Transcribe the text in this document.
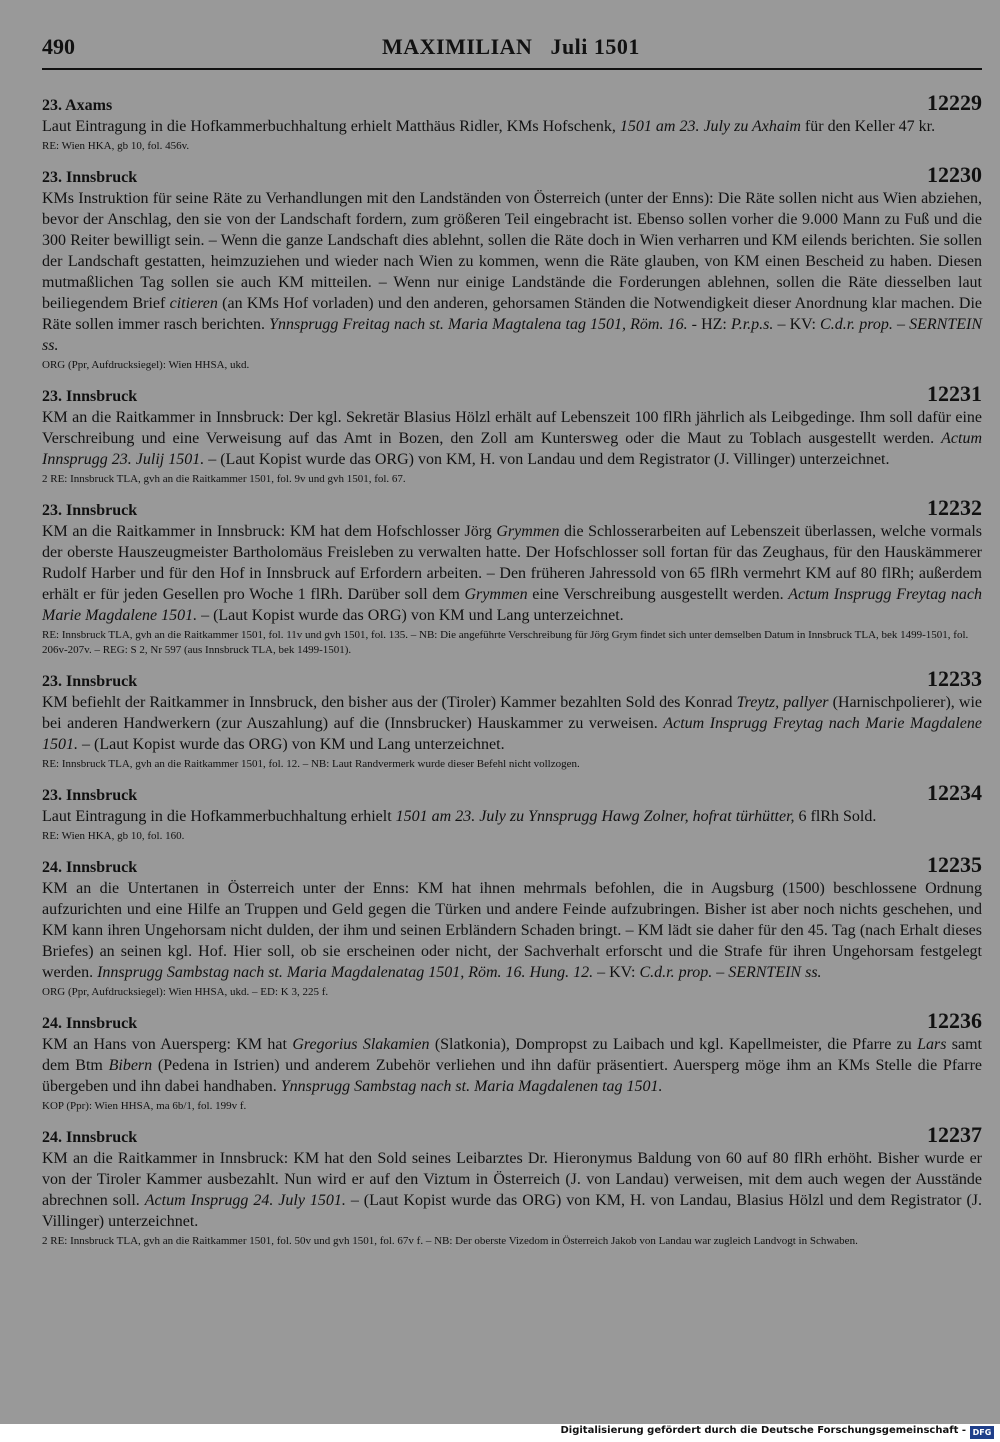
490	MAXIMILIAN   Juli 1501
23. Axams	12229

Laut Eintragung in die Hofkammerbuchhaltung erhielt Matthäus Ridler, KMs Hofschenk, 1501 am 23. July zu Axhaim für den Keller 47 kr.

RE: Wien HKA, gb 10, fol. 456v.
23. Innsbruck	12230

KMs Instruktion für seine Räte zu Verhandlungen mit den Landständen von Österreich (unter der Enns): Die Räte sollen nicht aus Wien abziehen, bevor der Anschlag, den sie von der Landschaft fordern, zum größeren Teil eingebracht ist. Ebenso sollen vorher die 9.000 Mann zu Fuß und die 300 Reiter bewilligt sein. – Wenn die ganze Landschaft dies ablehnt, sollen die Räte doch in Wien verharren und KM eilends berichten. Sie sollen der Landschaft gestatten, heimzuziehen und wieder nach Wien zu kommen, wenn die Räte glauben, von KM einen Bescheid zu haben. Diesen mutmaßlichen Tag sollen sie auch KM mitteilen. – Wenn nur einige Landstände die Forderungen ablehnen, sollen die Räte diesselben laut beiliegendem Brief citieren (an KMs Hof vorladen) und den anderen, gehorsamen Ständen die Notwendigkeit dieser Anordnung klar machen. Die Räte sollen immer rasch berichten. Ynnsprugg Freitag nach st. Maria Magtalena tag 1501, Röm. 16. - HZ: P.r.p.s. – KV: C.d.r. prop. – SERNTEIN ss.

ORG (Ppr, Aufdrucksiegel): Wien HHSA, ukd.
23. Innsbruck	12231

KM an die Raitkammer in Innsbruck: Der kgl. Sekretär Blasius Hölzl erhält auf Lebenszeit 100 flRh jährlich als Leibgedinge. Ihm soll dafür eine Verschreibung und eine Verweisung auf das Amt in Bozen, den Zoll am Kuntersweg oder die Maut zu Toblach ausgestellt werden. Actum Innsprugg 23. Julij 1501. – (Laut Kopist wurde das ORG) von KM, H. von Landau und dem Registrator (J. Villinger) unterzeichnet.

2 RE: Innsbruck TLA, gvh an die Raitkammer 1501, fol. 9v und gvh 1501, fol. 67.
23. Innsbruck	12232

KM an die Raitkammer in Innsbruck: KM hat dem Hofschlosser Jörg Grymmen die Schlosserarbeiten auf Lebenszeit überlassen, welche vormals der oberste Hauszeugmeister Bartholomäus Freisleben zu verwalten hatte. Der Hofschlosser soll fortan für das Zeughaus, für den Hauskämmerer Rudolf Harber und für den Hof in Innsbruck auf Erfordern arbeiten. – Den früheren Jahressold von 65 flRh vermehrt KM auf 80 flRh; außerdem erhält er für jeden Gesellen pro Woche 1 flRh. Darüber soll dem Grymmen eine Verschreibung ausgestellt werden. Actum Insprugg Freytag nach Marie Magdalene 1501. – (Laut Kopist wurde das ORG) von KM und Lang unterzeichnet.

RE: Innsbruck TLA, gvh an die Raitkammer 1501, fol. 11v und gvh 1501, fol. 135. – NB: Die angeführte Verschreibung für Jörg Grym findet sich unter demselben Datum in Innsbruck TLA, bek 1499-1501, fol. 206v-207v. – REG: S 2, Nr 597 (aus Innsbruck TLA, bek 1499-1501).
23. Innsbruck	12233

KM befiehlt der Raitkammer in Innsbruck, den bisher aus der (Tiroler) Kammer bezahlten Sold des Konrad Treytz, pallyer (Harnischpolierer), wie bei anderen Handwerkern (zur Auszahlung) auf die (Innsbrucker) Hauskammer zu verweisen. Actum Insprugg Freytag nach Marie Magdalene 1501. – (Laut Kopist wurde das ORG) von KM und Lang unterzeichnet.

RE: Innsbruck TLA, gvh an die Raitkammer 1501, fol. 12. – NB: Laut Randvermerk wurde dieser Befehl nicht vollzogen.
23. Innsbruck	12234

Laut Eintragung in die Hofkammerbuchhaltung erhielt 1501 am 23. July zu Ynnsprugg Hawg Zolner, hofrat türhütter, 6 flRh Sold.

RE: Wien HKA, gb 10, fol. 160.
24. Innsbruck	12235

KM an die Untertanen in Österreich unter der Enns: KM hat ihnen mehrmals befohlen, die in Augsburg (1500) beschlossene Ordnung aufzurichten und eine Hilfe an Truppen und Geld gegen die Türken und andere Feinde aufzubringen. Bisher ist aber noch nichts geschehen, und KM kann ihren Ungehorsam nicht dulden, der ihm und seinen Erbländern Schaden bringt. – KM lädt sie daher für den 45. Tag (nach Erhalt dieses Briefes) an seinen kgl. Hof. Hier soll, ob sie erscheinen oder nicht, der Sachverhalt erforscht und die Strafe für ihren Ungehorsam festgelegt werden. Innsprugg Sambstag nach st. Maria Magdalenatag 1501, Röm. 16. Hung. 12. – KV: C.d.r. prop. – SERNTEIN ss.

ORG (Ppr, Aufdrucksiegel): Wien HHSA, ukd. – ED: K 3, 225 f.
24. Innsbruck	12236

KM an Hans von Auersperg: KM hat Gregorius Slakamien (Slatkonia), Dompropst zu Laibach und kgl. Kapellmeister, die Pfarre zu Lars samt dem Btm Bibern (Pedena in Istrien) und anderem Zubehör verliehen und ihn dafür präsentiert. Auersperg möge ihm an KMs Stelle die Pfarre übergeben und ihn dabei handhaben. Ynnsprugg Sambstag nach st. Maria Magdalenen tag 1501.

KOP (Ppr): Wien HHSA, ma 6b/1, fol. 199v f.
24. Innsbruck	12237

KM an die Raitkammer in Innsbruck: KM hat den Sold seines Leibarztes Dr. Hieronymus Baldung von 60 auf 80 flRh erhöht. Bisher wurde er von der Tiroler Kammer ausbezahlt. Nun wird er auf den Viztum in Österreich (J. von Landau) verweisen, mit dem auch wegen der Ausstände abrechnen soll. Actum Insprugg 24. July 1501. – (Laut Kopist wurde das ORG) von KM, H. von Landau, Blasius Hölzl und dem Registrator (J. Villinger) unterzeichnet.

2 RE: Innsbruck TLA, gvh an die Raitkammer 1501, fol. 50v und gvh 1501, fol. 67v f. – NB: Der oberste Vizedom in Österreich Jakob von Landau war zugleich Landvogt in Schwaben.
Digitalisierung gefördert durch die Deutsche Forschungsgemeinschaft - DFG
